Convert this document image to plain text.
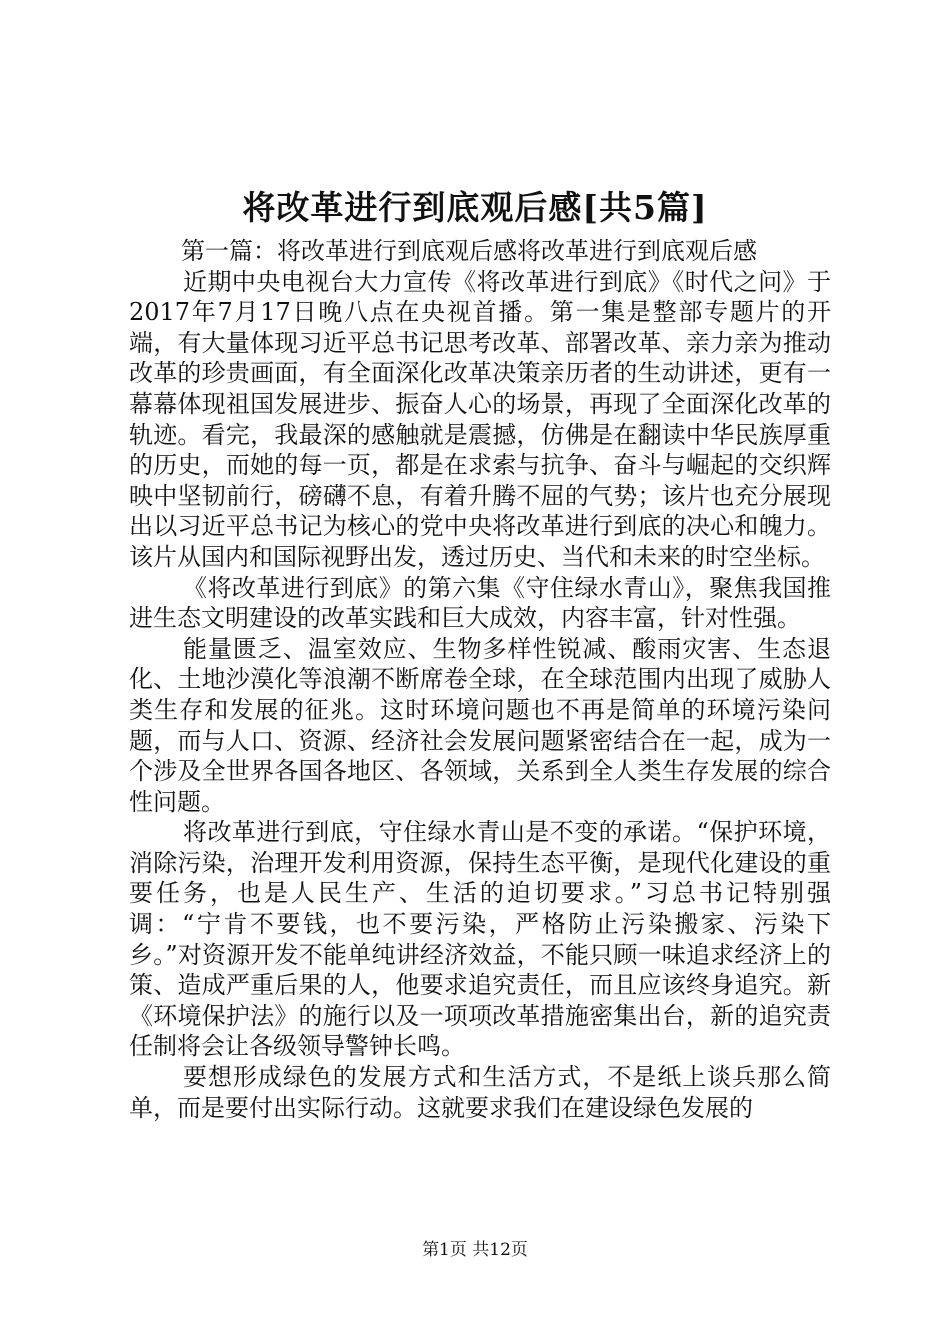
将改革进行到底观后感[共5篇]

第一篇：将改革进行到底观后感将改革进行到底观后感

近期中央电视台大力宣传《将改革进行到底》《时代之问》于2017年7月17日晚八点在央视首播。第一集是整部专题片的开端，有大量体现习近平总书记思考改革、部署改革、亲力亲为推动改革的珍贵画面，有全面深化改革决策亲历者的生动讲述，更有一幕幕体现祖国发展进步、振奋人心的场景，再现了全面深化改革的轨迹。看完，我最深的感触就是震撼，仿佛是在翻读中华民族厚重的历史，而她的每一页，都是在求索与抗争、奋斗与崛起的交织辉映中坚韧前行，磅礴不息，有着升腾不屈的气势；该片也充分展现出以习近平总书记为核心的党中央将改革进行到底的决心和魄力。该片从国内和国际视野出发，透过历史、当代和未来的时空坐标。

《将改革进行到底》的第六集《守住绿水青山》，聚焦我国推进生态文明建设的改革实践和巨大成效，内容丰富，针对性强。

能量匮乏、温室效应、生物多样性锐减、酸雨灾害、生态退化、土地沙漠化等浪潮不断席卷全球，在全球范围内出现了威胁人类生存和发展的征兆。这时环境问题也不再是简单的环境污染问题，而与人口、资源、经济社会发展问题紧密结合在一起，成为一个涉及全世界各国各地区、各领域，关系到全人类生存发展的综合性问题。

将改革进行到底，守住绿水青山是不变的承诺。“保护环境，消除污染，治理开发利用资源，保持生态平衡，是现代化建设的重要任务，也是人民生产、生活的迫切要求。”习总书记特别强调：“宁肯不要钱，也不要污染，严格防止污染搬家、污染下乡。”对资源开发不能单纯讲经济效益，不能只顾一味追求经济上的策、造成严重后果的人，他要求追究责任，而且应该终身追究。新《环境保护法》的施行以及一项项改革措施密集出台，新的追究责任制将会让各级领导警钟长鸣。

要想形成绿色的发展方式和生活方式，不是纸上谈兵那么简单，而是要付出实际行动。这就要求我们在建设绿色发展的

第1页 共12页
